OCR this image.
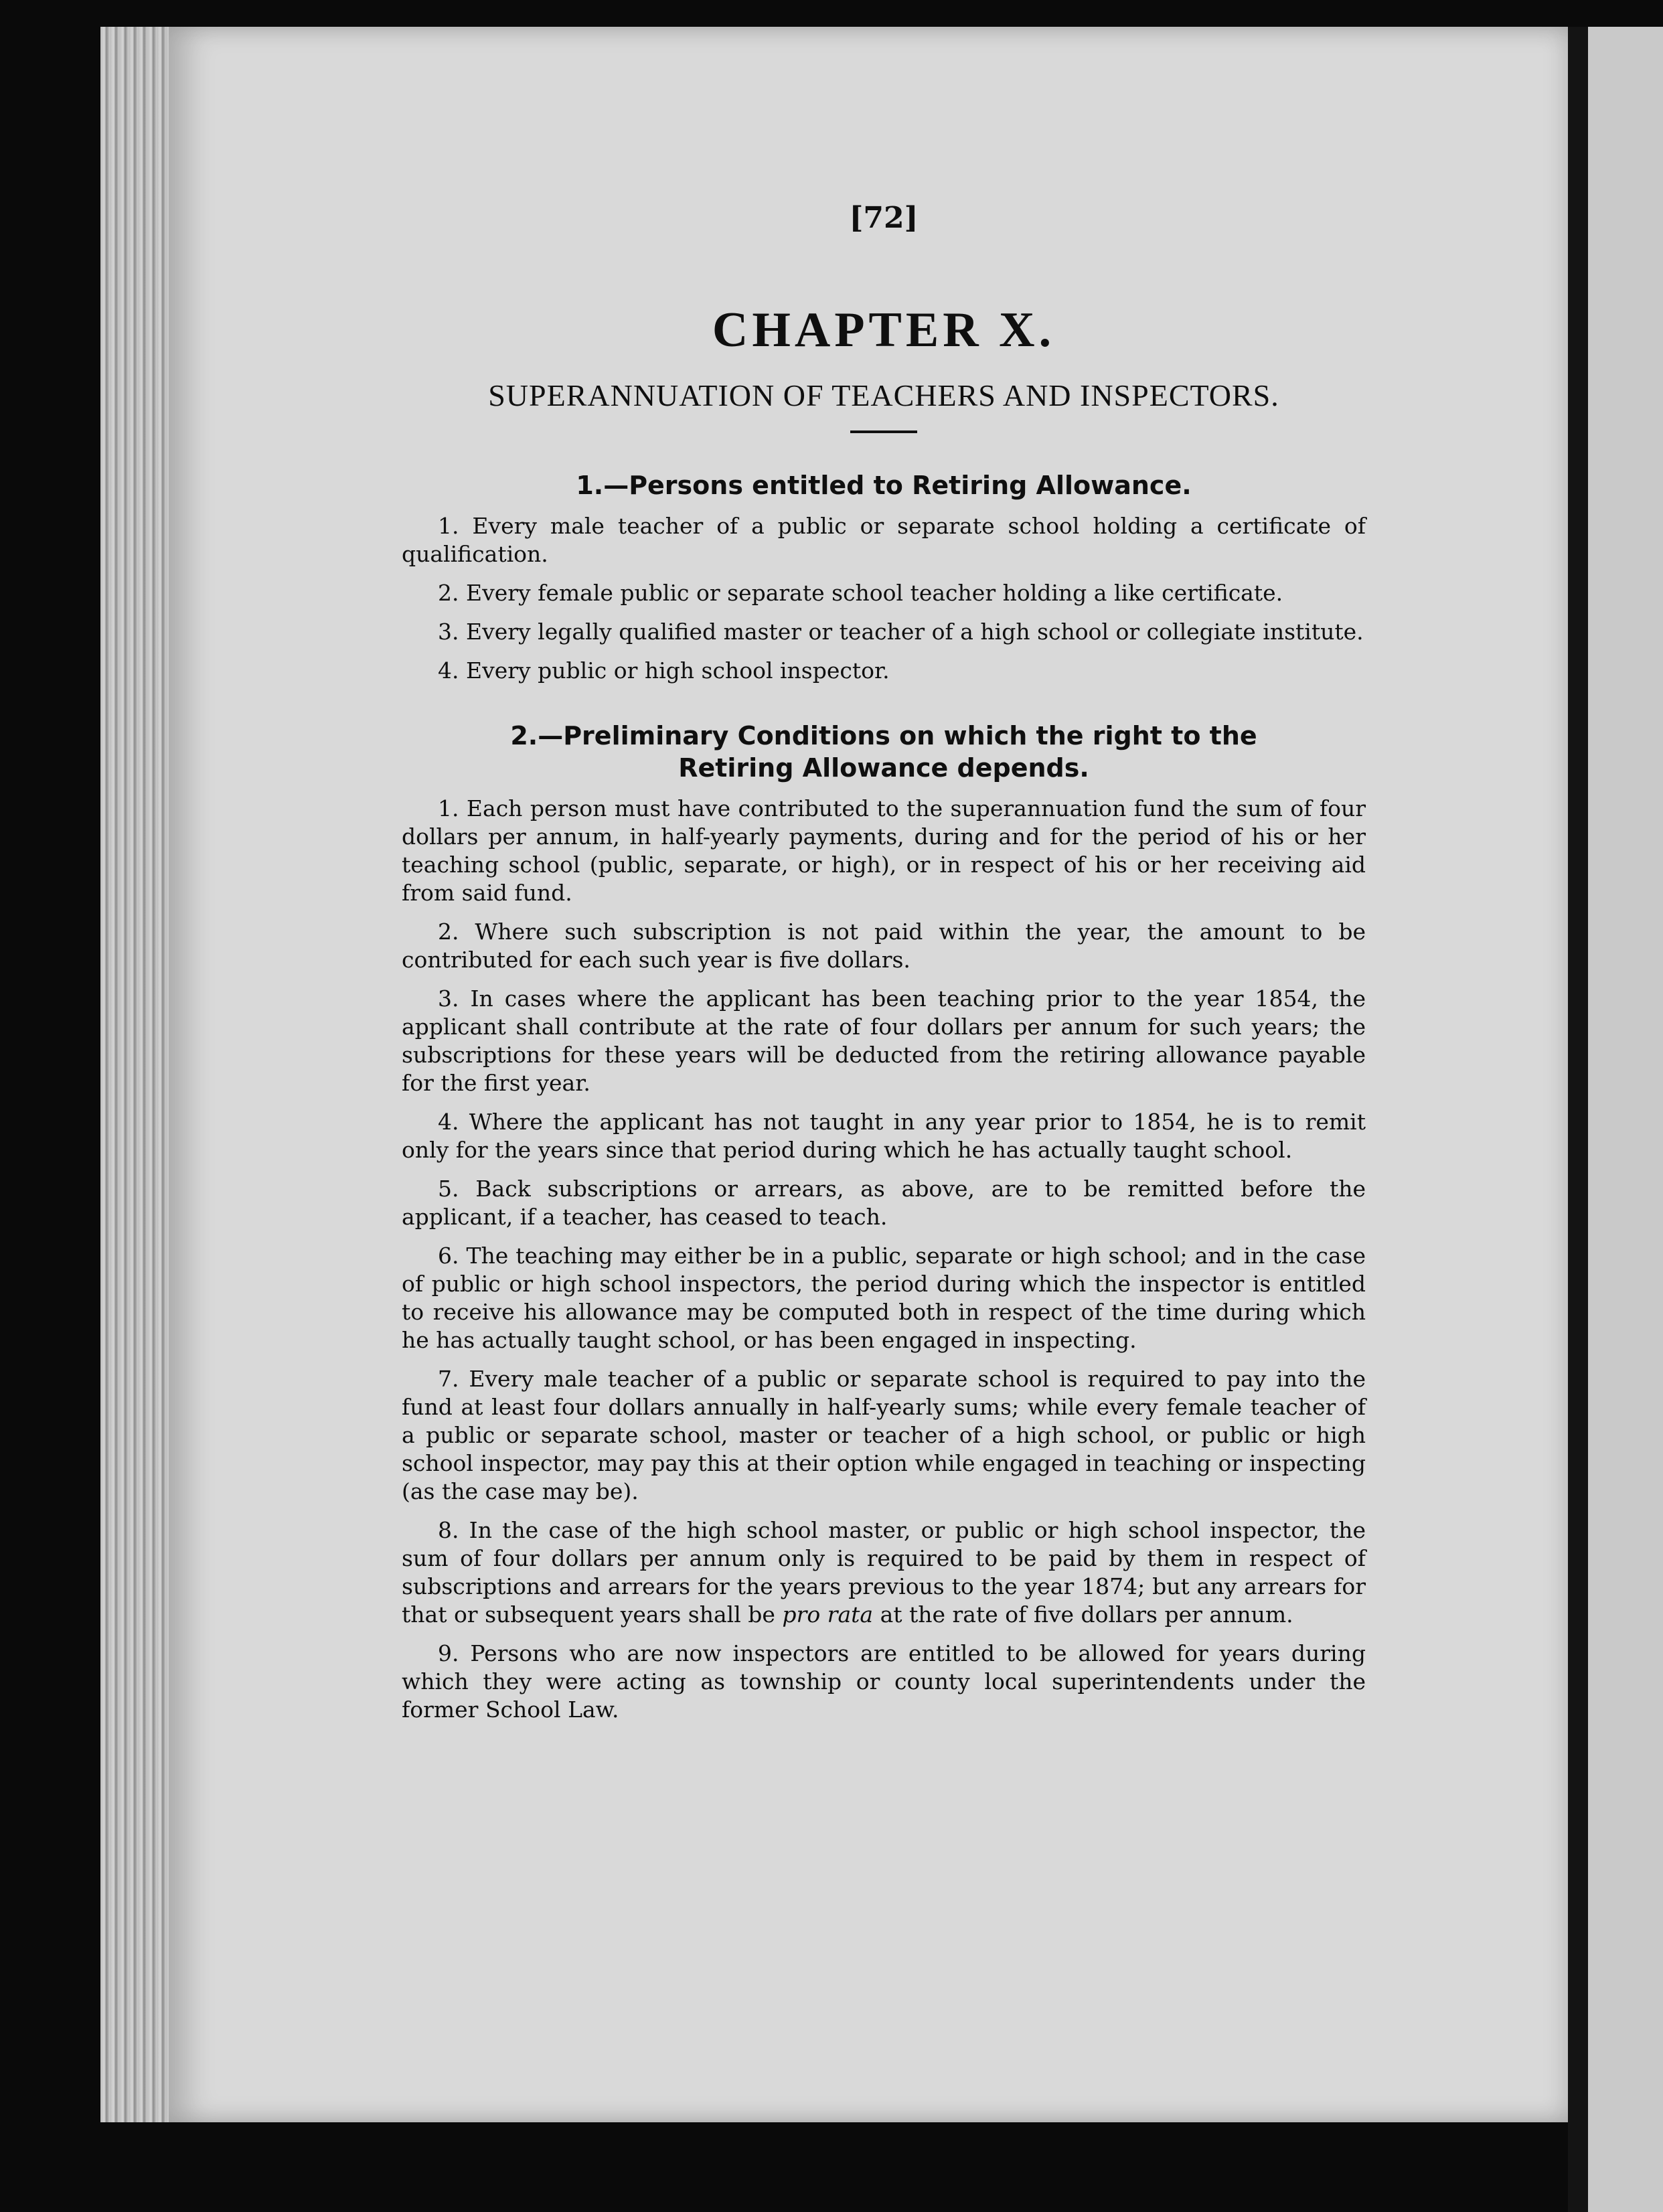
[72]
CHAPTER X.
SUPERANNUATION OF TEACHERS AND INSPECTORS.
1.—Persons entitled to Retiring Allowance.

1. Every male teacher of a public or separate school holding a certificate of qualification.

2. Every female public or separate school teacher holding a like certificate.

3. Every legally qualified master or teacher of a high school or collegiate institute.

4. Every public or high school inspector.

2.—Preliminary Conditions on which the right to the
Retiring Allowance depends.

1. Each person must have contributed to the superannuation fund the sum of four dollars per annum, in half-yearly payments, during and for the period of his or her teaching school (public, separate, or high), or in respect of his or her receiving aid from said fund.

2. Where such subscription is not paid within the year, the amount to be contributed for each such year is five dollars.

3. In cases where the applicant has been teaching prior to the year 1854, the applicant shall contribute at the rate of four dollars per annum for such years; the subscriptions for these years will be deducted from the retiring allowance payable for the first year.

4. Where the applicant has not taught in any year prior to 1854, he is to remit only for the years since that period during which he has actually taught school.

5. Back subscriptions or arrears, as above, are to be remitted before the applicant, if a teacher, has ceased to teach.

6. The teaching may either be in a public, separate or high school; and in the case of public or high school inspectors, the period during which the inspector is entitled to receive his allowance may be computed both in respect of the time during which he has actually taught school, or has been engaged in inspecting.

7. Every male teacher of a public or separate school is required to pay into the fund at least four dollars annually in half-yearly sums; while every female teacher of a public or separate school, master or teacher of a high school, or public or high school inspector, may pay this at their option while engaged in teaching or inspecting (as the case may be).

8. In the case of the high school master, or public or high school inspector, the sum of four dollars per annum only is required to be paid by them in respect of subscriptions and arrears for the years previous to the year 1874; but any arrears for that or subsequent years shall be pro rata at the rate of five dollars per annum.

9. Persons who are now inspectors are entitled to be allowed for years during which they were acting as township or county local superintendents under the former School Law.
